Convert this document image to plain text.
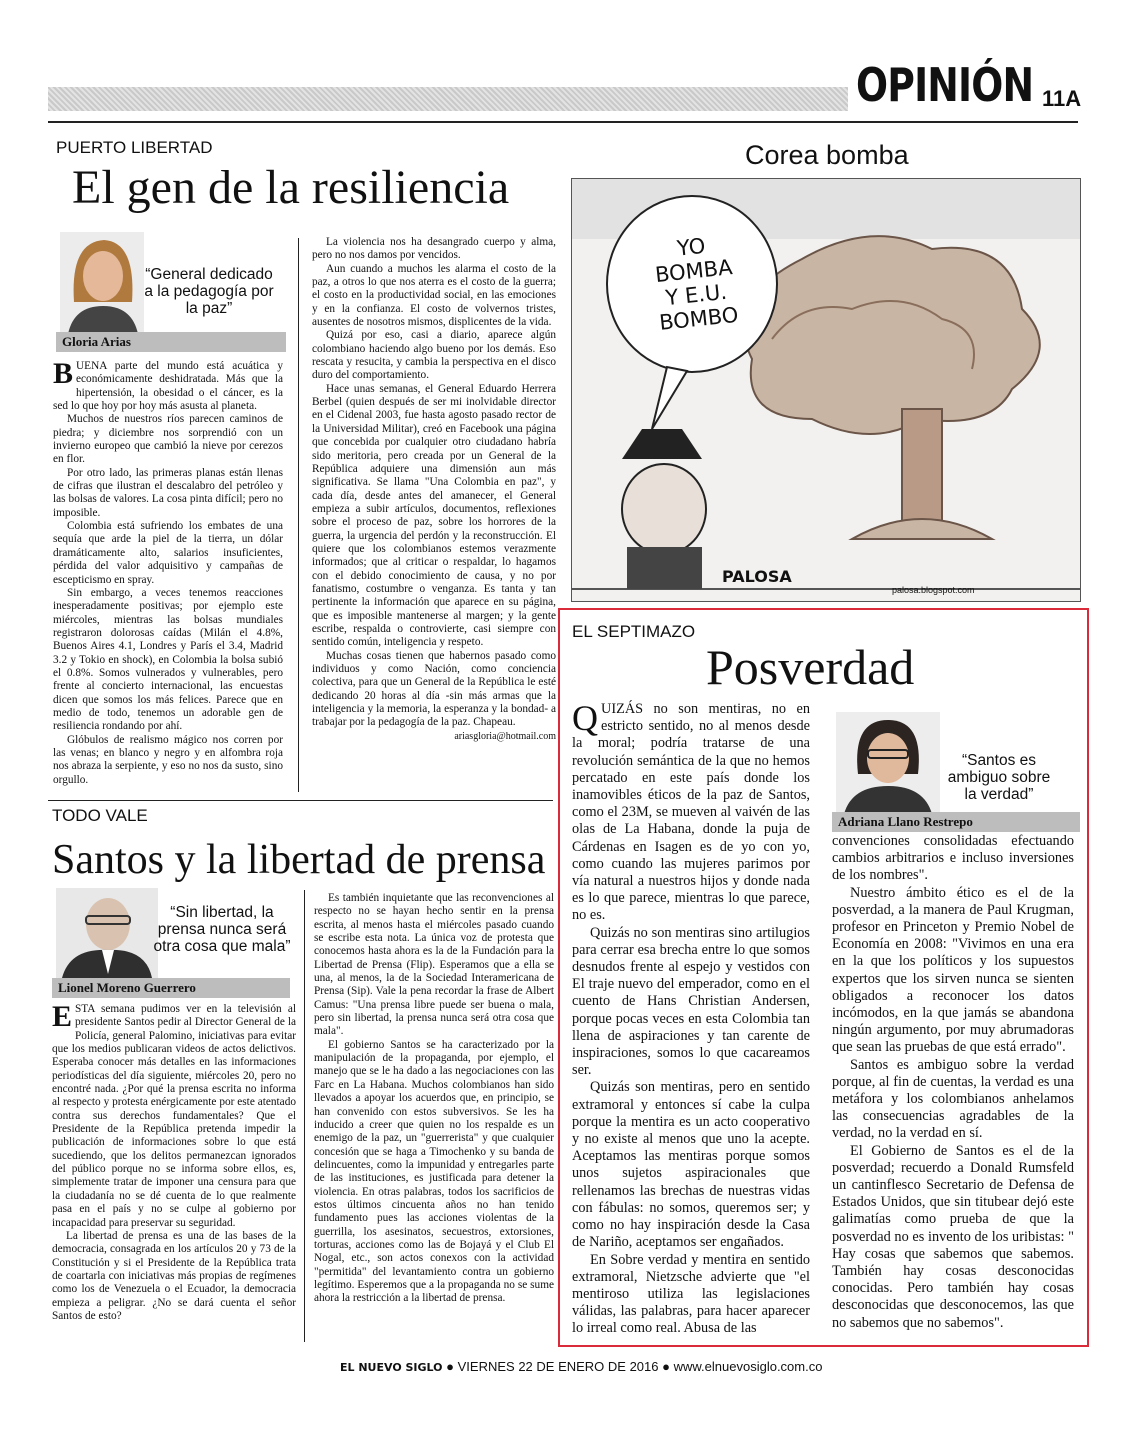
OPINIÓN 11A
PUERTO LIBERTAD
El gen de la resiliencia
“General dedicado a la pedagogía por la paz”
Gloria Arias

BUENA parte del mundo está acuática y económicamente deshidratada. Más que la hipertensión, la obesidad o el cáncer, es la sed lo que hoy por hoy más asusta al planeta.

Muchos de nuestros ríos parecen caminos de piedra; y diciembre nos sorprendió con un invierno europeo que cambió la nieve por cerezos en flor.

Por otro lado, las primeras planas están llenas de cifras que ilustran el descalabro del petróleo y las bolsas de valores. La cosa pinta difícil; pero no imposible.

Colombia está sufriendo los embates de una sequía que arde la piel de la tierra, un dólar dramáticamente alto, salarios insuficientes, pérdida del valor adquisitivo y campañas de escepticismo en spray.

Sin embargo, a veces tenemos reacciones inesperadamente positivas; por ejemplo este miércoles, mientras las bolsas mundiales registraron dolorosas caídas (Milán el 4.8%, Buenos Aires 4.1, Londres y París el 3.4, Madrid 3.2 y Tokio en shock), en Colombia la bolsa subió el 0.8%. Somos vulnerados y vulnerables, pero frente al concierto internacional, las encuestas dicen que somos los más felices. Parece que en medio de todo, tenemos un adorable gen de resiliencia rondando por ahí.

Glóbulos de realismo mágico nos corren por las venas; en blanco y negro y en alfombra roja nos abraza la serpiente, y eso no nos da susto, sino orgullo.

La violencia nos ha desangrado cuerpo y alma, pero no nos damos por vencidos.

Aun cuando a muchos les alarma el costo de la paz, a otros lo que nos aterra es el costo de la guerra; el costo en la productividad social, en las emociones y en la confianza. El costo de volvernos tristes, ausentes de nosotros mismos, displicentes de la vida.

Quizá por eso, casi a diario, aparece algún colombiano haciendo algo bueno por los demás. Eso rescata y resucita, y cambia la perspectiva en el disco duro del comportamiento.

Hace unas semanas, el General Eduardo Herrera Berbel (quien después de ser mi inolvidable director en el Cidenal 2003, fue hasta agosto pasado rector de la Universidad Militar), creó en Facebook una página que concebida por cualquier otro ciudadano habría sido meritoria, pero creada por un General de la República adquiere una dimensión aun más significativa. Se llama "Una Colombia en paz", y cada día, desde antes del amanecer, el General empieza a subir artículos, documentos, reflexiones sobre el proceso de paz, sobre los horrores de la guerra, la urgencia del perdón y la reconstrucción. El quiere que los colombianos estemos verazmente informados; que al criticar o respaldar, lo hagamos con el debido conocimiento de causa, y no por fanatismo, costumbre o venganza. Es tanta y tan pertinente la información que aparece en su página, que es imposible mantenerse al margen; y la gente escribe, respalda o controvierte, casi siempre con sentido común, inteligencia y respeto.

Muchas cosas tienen que habernos pasado como individuos y como Nación, como conciencia colectiva, para que un General de la República le esté dedicando 20 horas al día -sin más armas que la inteligencia y la memoria, la esperanza y la bondad- a trabajar por la pedagogía de la paz. Chapeau.

ariasgloria@hotmail.com

Corea bomba
YO
BOMBA
Y E.U.
BOMBO
PALOSA
palosa.blogspot.com
TODO VALE
Santos y la libertad de prensa
“Sin libertad, la prensa nunca será otra cosa que mala”
Lionel Moreno Guerrero

ESTA semana pudimos ver en la televisión al presidente Santos pedir al Director General de la Policía, general Palomino, iniciativas para evitar que los medios publicaran videos de actos delictivos. Esperaba conocer más detalles en las informaciones periodísticas del día siguiente, miércoles 20, pero no encontré nada. ¿Por qué la prensa escrita no informa al respecto y protesta enérgicamente por este atentado contra sus derechos fundamentales? Que el Presidente de la República pretenda impedir la publicación de informaciones sobre lo que está sucediendo, que los delitos permanezcan ignorados del público porque no se informa sobre ellos, es, simplemente tratar de imponer una censura para que la ciudadanía no se dé cuenta de lo que realmente pasa en el país y no se culpe al gobierno por incapacidad para preservar su seguridad.

La libertad de prensa es una de las bases de la democracia, consagrada en los artículos 20 y 73 de la Constitución y si el Presidente de la República trata de coartarla con iniciativas más propias de regímenes como los de Venezuela o el Ecuador, la democracia empieza a peligrar. ¿No se dará cuenta el señor Santos de esto?

Es también inquietante que las reconvenciones al respecto no se hayan hecho sentir en la prensa escrita, al menos hasta el miércoles pasado cuando se escribe esta nota. La única voz de protesta que conocemos hasta ahora es la de la Fundación para la Libertad de Prensa (Flip). Esperamos que a ella se una, al menos, la de la Sociedad Interamericana de Prensa (Sip). Vale la pena recordar la frase de Albert Camus: "Una prensa libre puede ser buena o mala, pero sin libertad, la prensa nunca será otra cosa que mala".

El gobierno Santos se ha caracterizado por la manipulación de la propaganda, por ejemplo, el manejo que se le ha dado a las negociaciones con las Farc en La Habana. Muchos colombianos han sido llevados a apoyar los acuerdos que, en principio, se han convenido con estos subversivos. Se les ha inducido a creer que quien no los respalde es un enemigo de la paz, un "guerrerista" y que cualquier concesión que se haga a Timochenko y su banda de delincuentes, como la impunidad y entregarles parte de las instituciones, es justificada para detener la violencia. En otras palabras, todos los sacrificios de estos últimos cincuenta años no han tenido fundamento pues las acciones violentas de la guerrilla, los asesinatos, secuestros, extorsiones, torturas, acciones como las de Bojayá y el Club El Nogal, etc., son actos conexos con la actividad "permitida" del levantamiento contra un gobierno legítimo. Esperemos que a la propaganda no se sume ahora la restricción a la libertad de prensa.

EL SEPTIMAZO
Posverdad
“Santos es ambiguo sobre la verdad”
Adriana Llano Restrepo

QUIZÁS no son mentiras, no en estricto sentido, no al menos desde la moral; podría tratarse de una revolución semántica de la que no hemos percatado en este país donde los inamovibles éticos de la paz de Santos, como el 23M, se mueven al vaivén de las olas de La Habana, donde la puja de Cárdenas en Isagen es de yo con yo, como cuando las mujeres parimos por vía natural a nuestros hijos y donde nada es lo que parece, mientras lo que parece, no es.

Quizás no son mentiras sino artilugios para cerrar esa brecha entre lo que somos desnudos frente al espejo y vestidos con El traje nuevo del emperador, como en el cuento de Hans Christian Andersen, porque pocas veces en esta Colombia tan llena de aspiraciones y tan carente de inspiraciones, somos lo que cacareamos ser.

Quizás son mentiras, pero en sentido extramoral y entonces sí cabe la culpa porque la mentira es un acto cooperativo y no existe al menos que uno la acepte. Aceptamos las mentiras porque somos unos sujetos aspiracionales que rellenamos las brechas de nuestras vidas con fábulas: no somos, queremos ser; y como no hay inspiración desde la Casa de Nariño, aceptamos ser engañados.

En Sobre verdad y mentira en sentido extramoral, Nietzsche advierte que "el mentiroso utiliza las legislaciones válidas, las palabras, para hacer aparecer lo irreal como real. Abusa de las

convenciones consolidadas efectuando cambios arbitrarios e incluso inversiones de los nombres".

Nuestro ámbito ético es el de la posverdad, a la manera de Paul Krugman, profesor en Princeton y Premio Nobel de Economía en 2008: "Vivimos en una era en la que los políticos y los supuestos expertos que los sirven nunca se sienten obligados a reconocer los datos incómodos, en la que jamás se abandona ningún argumento, por muy abrumadoras que sean las pruebas de que está errado".

Santos es ambiguo sobre la verdad porque, al fin de cuentas, la verdad es una metáfora y los colombianos anhelamos las consecuencias agradables de la verdad, no la verdad en sí.

El Gobierno de Santos es el de la posverdad; recuerdo a Donald Rumsfeld un cantinflesco Secretario de Defensa de Estados Unidos, que sin titubear dejó este galimatías como prueba de que la posverdad no es invento de los uribistas: " Hay cosas que sabemos que sabemos. También hay cosas desconocidas conocidas. Pero también hay cosas desconocidas que desconocemos, las que no sabemos que no sabemos".

EL NUEVO SIGLO ● VIERNES 22 DE ENERO DE 2016 ● www.elnuevosiglo.com.co
